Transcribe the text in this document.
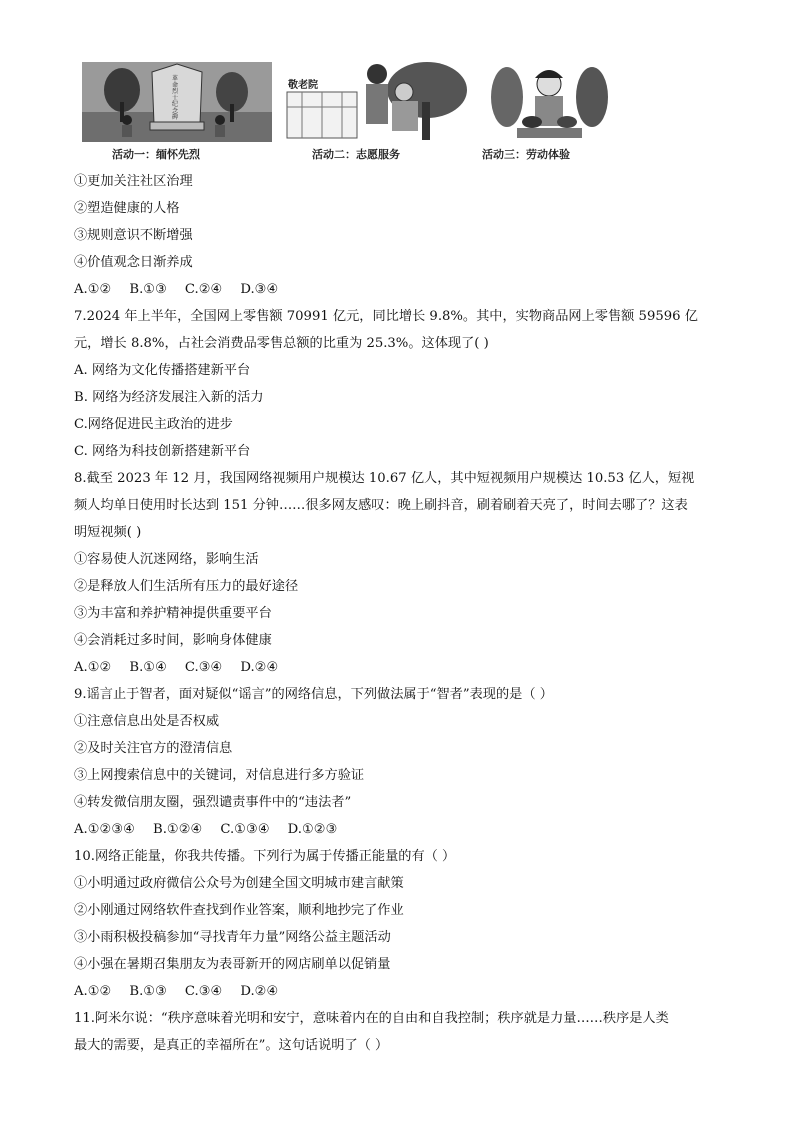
革命烈士纪念碑
活动一：缅怀先烈
敬老院
活动二：志愿服务	活动三：劳动体验
①更加关注社区治理
②塑造健康的人格
③规则意识不断增强
④价值观念日渐养成
A.①② B.①③ C.②④ D.③④
7.2024 年上半年，全国网上零售额 70991 亿元，同比增长 9.8%。其中，实物商品网上零售额 59596 亿
元，增长 8.8%，占社会消费品零售总额的比重为 25.3%。这体现了( )
A. 网络为文化传播搭建新平台
B. 网络为经济发展注入新的活力
C.网络促进民主政治的进步
C. 网络为科技创新搭建新平台
8.截至 2023 年 12 月，我国网络视频用户规模达 10.67 亿人，其中短视频用户规模达 10.53 亿人，短视
频人均单日使用时长达到 151 分钟……很多网友感叹：晚上刷抖音，刷着刷着天亮了，时间去哪了？这表
明短视频( )
①容易使人沉迷网络，影响生活
②是释放人们生活所有压力的最好途径
③为丰富和养护精神提供重要平台
④会消耗过多时间，影响身体健康
A.①② B.①④ C.③④ D.②④
9.谣言止于智者，面对疑似“谣言”的网络信息，下列做法属于“智者”表现的是（ ）
①注意信息出处是否权威
②及时关注官方的澄清信息
③上网搜索信息中的关键词，对信息进行多方验证
④转发微信朋友圈，强烈谴责事件中的“违法者”
A.①②③④ B.①②④ C.①③④ D.①②③
10.网络正能量，你我共传播。下列行为属于传播正能量的有（ ）
①小明通过政府微信公众号为创建全国文明城市建言献策
②小刚通过网络软件查找到作业答案，顺利地抄完了作业
③小雨积极投稿参加“寻找青年力量”网络公益主题活动
④小强在暑期召集朋友为表哥新开的网店刷单以促销量
A.①② B.①③ C.③④ D.②④
11.阿米尔说：“秩序意味着光明和安宁，意味着内在的自由和自我控制；秩序就是力量……秩序是人类
最大的需要，是真正的幸福所在”。这句话说明了（ ）
